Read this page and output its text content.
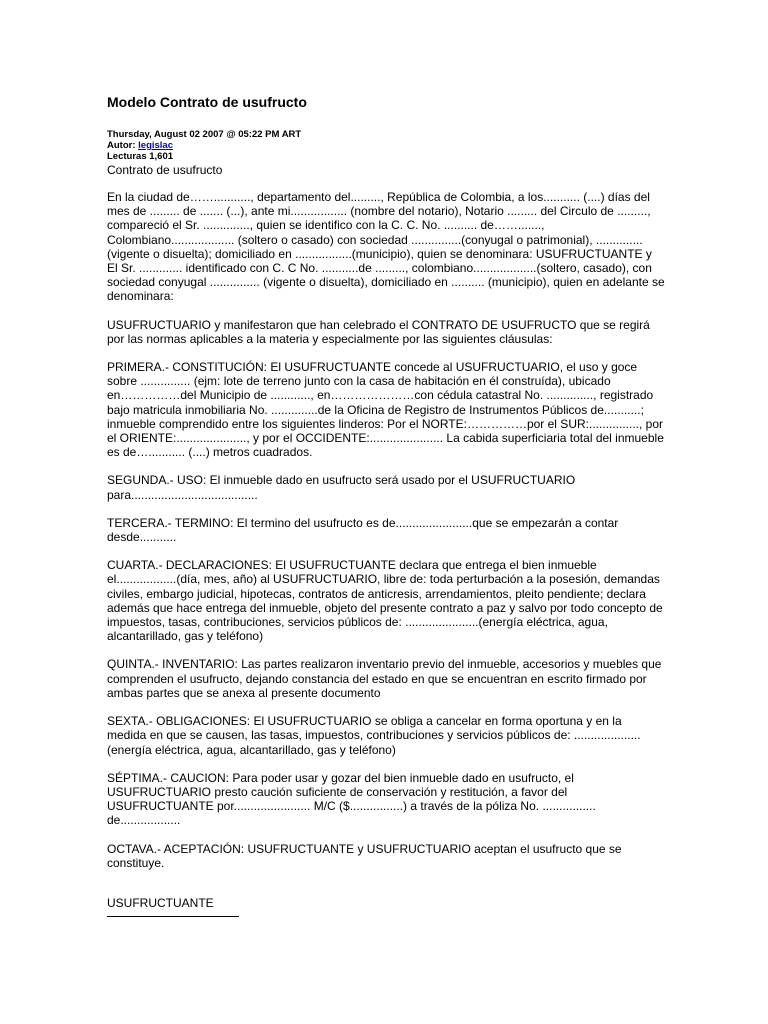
Modelo Contrato de usufructo
Thursday, August 02 2007 @ 05:22 PM ART
Autor: legislac
Lecturas 1,601
Contrato de usufructo

En la ciudad de……..........., departamento del........., República de Colombia, a los........... (....) días del
mes de ......... de ....... (...), ante mi................. (nombre del notario), Notario ......... del Circulo de .........,
compareció el Sr. .............., quien se identifico con la C. C. No. .......... de…….......,
Colombiano................... (soltero o casado) con sociedad ...............(conyugal o patrimonial), ..............
(vigente o disuelta); domiciliado en .................(municipio), quien se denominara: USUFRUCTUANTE y
El Sr. ............. identificado con C. C No. ...........de ........., colombiano...................(soltero, casado), con
sociedad conyugal ............... (vigente o disuelta), domiciliado en .......... (municipio), quien en adelante se
denominara:

USUFRUCTUARIO y manifestaron que han celebrado el CONTRATO DE USUFRUCTO que se regirá
por las normas aplicables a la materia y especialmente por las siguientes cláusulas:

PRIMERA.- CONSTITUCIÓN: El USUFRUCTUANTE concede al USUFRUCTUARIO, el uso y goce
sobre ............... (ejm: lote de terreno junto con la casa de habitación en él construída), ubicado
en……………del Municipio de ............, en…………………con cédula catastral No. .............., registrado
bajo matricula inmobiliaria No. ..............de la Oficina de Registro de Instrumentos Públicos de...........;
inmueble comprendido entre los siguientes linderos: Por el NORTE:……………por el SUR:..............., por
el ORIENTE:....................., y por el OCCIDENTE:...................... La cabida superficiaria total del inmueble
es de…........... (....) metros cuadrados.

SEGUNDA.- USO: El inmueble dado en usufructo será usado por el USUFRUCTUARIO
para......................................

TERCERA.- TERMINO: El termino del usufructo es de.......................que se empezarán a contar
desde...........

CUARTA.- DECLARACIONES: El USUFRUCTUANTE declara que entrega el bien inmueble
el..................(día, mes, año) al USUFRUCTUARIO, libre de: toda perturbación a la posesión, demandas
civiles, embargo judicial, hipotecas, contratos de anticresis, arrendamientos, pleito pendiente; declara
además que hace entrega del inmueble, objeto del presente contrato a paz y salvo por todo concepto de
impuestos, tasas, contribuciones, servicios públicos de: ......................(energía eléctrica, agua,
alcantarillado, gas y teléfono)

QUINTA.- INVENTARIO: Las partes realizaron inventario previo del inmueble, accesorios y muebles que
comprenden el usufructo, dejando constancia del estado en que se encuentran en escrito firmado por
ambas partes que se anexa al presente documento

SEXTA.- OBLIGACIONES: El USUFRUCTUARIO se obliga a cancelar en forma oportuna y en la
medida en que se causen, las tasas, impuestos, contribuciones y servicios públicos de: ....................
(energía eléctrica, agua, alcantarillado, gas y teléfono)

SÉPTIMA.- CAUCION: Para poder usar y gozar del bien inmueble dado en usufructo, el
USUFRUCTUARIO presto caución suficiente de conservación y restitución, a favor del
USUFRUCTUANTE por....................... M/C ($................) a través de la póliza No. ................
de..................

OCTAVA.- ACEPTACIÓN: USUFRUCTUANTE y USUFRUCTUARIO aceptan el usufructo que se
constituye.

USUFRUCTUANTE
